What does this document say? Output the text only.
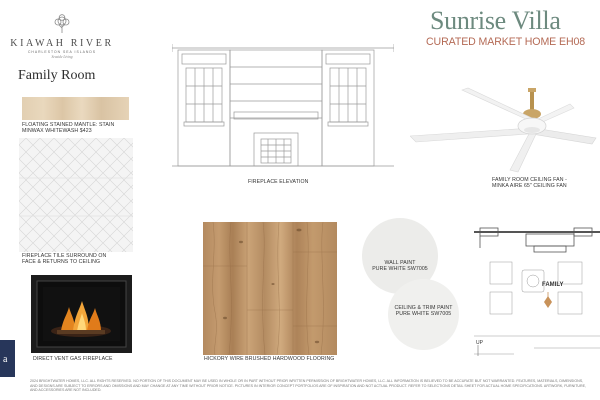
KIAWAH RIVER
CHARLESTON SEA ISLANDS
Seaside Living
Family Room
Sunrise Villa
CURATED MARKET HOME EH08
FLOATING STAINED MANTLE: STAIN
MINWAX WHITEWASH $423
FIREPLACE TILE SURROUND ON
FACE & RETURNS TO CEILING
DIRECT VENT GAS FIREPLACE
FIREPLACE ELEVATION	FAMILY ROOM CEILING FAN -
MINKA AIRE 65" CEILING FAN
HICKORY WIRE BRUSHED HARDWOOD FLOORING
WALL PAINT
PURE WHITE SW7005
CEILING & TRIM PAINT
PURE WHITE SW7005
FAMILY
UP
a
2024 BRIGHTWATER HOMES, LLC. ALL RIGHTS RESERVED. NO PORTION OF THIS DOCUMENT MAY BE USED IN WHOLE OR IN PART WITHOUT PRIOR WRITTEN PERMISSION OF BRIGHTWATER HOMES, LLC. ALL INFORMATION IS BELIEVED TO BE ACCURATE BUT NOT WARRANTED. FEATURES, MATERIALS, DIMENSIONS, AND DESIGNS ARE SUBJECT TO ERRORS AND OMISSIONS AND MAY CHANGE AT ANY TIME WITHOUT PRIOR NOTICE. PICTURES IN INTERIOR CONCEPT PORTFOLIOS ARE OF INSPIRATION AND NOT ACTUAL PRODUCT. REFER TO SELECTIONS DETAIL SHEET FOR ACTUAL HOME SPECIFICATIONS. ARTWORK, FURNITURE, AND ACCESSORIES ARE NOT INCLUDED.
